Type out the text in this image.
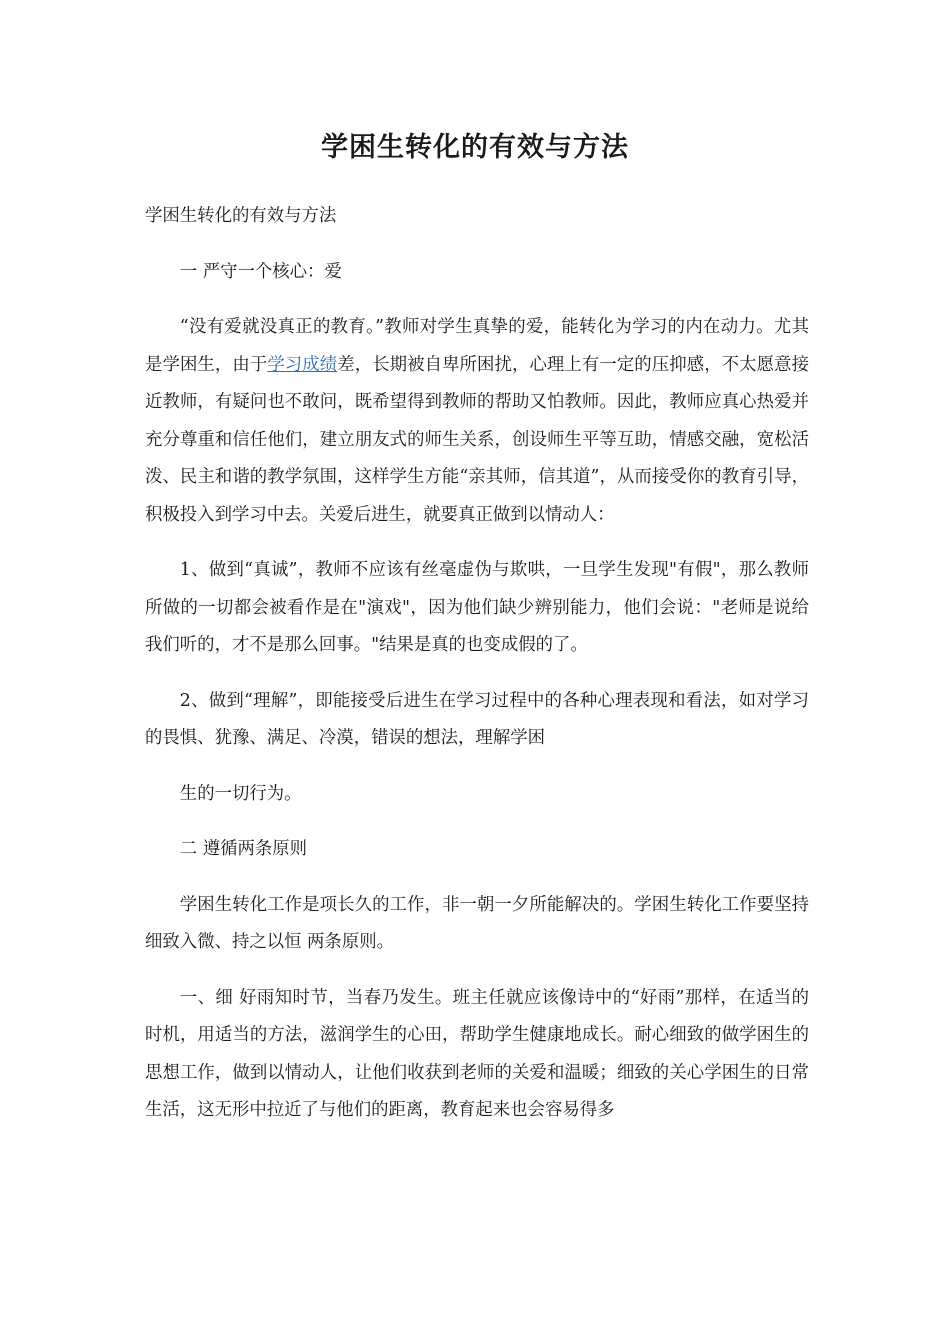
学困生转化的有效与方法

学困生转化的有效与方法

一 严守一个核心：爱

“没有爱就没真正的教育。”教师对学生真挚的爱，能转化为学习的内在动力。尤其是学困生，由于学习成绩差，长期被自卑所困扰，心理上有一定的压抑感，不太愿意接近教师，有疑问也不敢问，既希望得到教师的帮助又怕教师。因此，教师应真心热爱并充分尊重和信任他们，建立朋友式的师生关系，创设师生平等互助，情感交融，宽松活泼、民主和谐的教学氛围，这样学生方能“亲其师，信其道”，从而接受你的教育引导，积极投入到学习中去。关爱后进生，就要真正做到以情动人：

1、做到“真诚”，教师不应该有丝毫虚伪与欺哄，一旦学生发现"有假"，那么教师所做的一切都会被看作是在"演戏"，因为他们缺少辨别能力，他们会说："老师是说给我们听的，才不是那么回事。"结果是真的也变成假的了。

2、做到“理解”，即能接受后进生在学习过程中的各种心理表现和看法，如对学习的畏惧、犹豫、满足、冷漠，错误的想法，理解学困

生的一切行为。

二 遵循两条原则

学困生转化工作是项长久的工作，非一朝一夕所能解决的。学困生转化工作要坚持细致入微、持之以恒 两条原则。

一、细 好雨知时节，当春乃发生。班主任就应该像诗中的“好雨”那样，在适当的时机，用适当的方法，滋润学生的心田，帮助学生健康地成长。耐心细致的做学困生的思想工作，做到以情动人，让他们收获到老师的关爱和温暖；细致的关心学困生的日常生活，这无形中拉近了与他们的距离，教育起来也会容易得多
